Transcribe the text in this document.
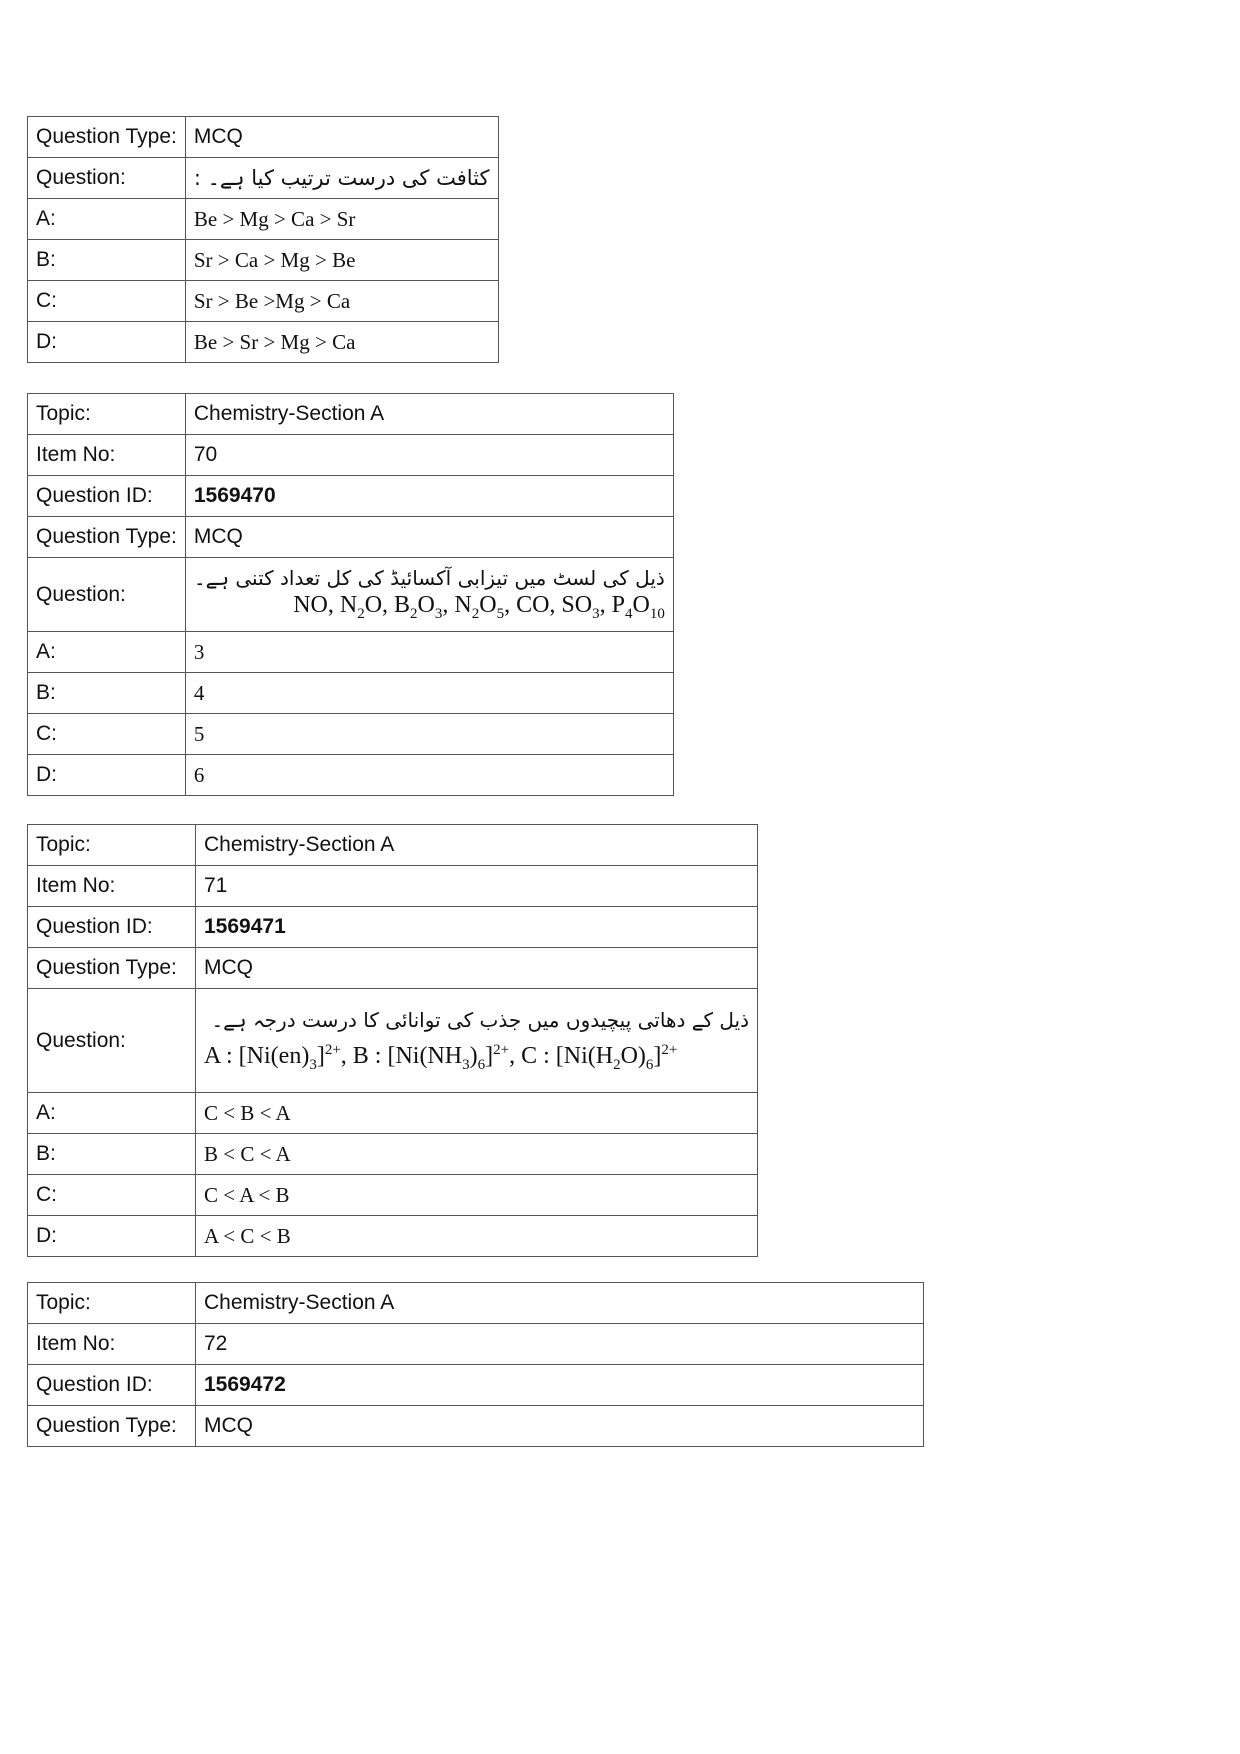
Question Type:	MCQ
Question:	کثافت کی درست ترتیب کیا ہے۔ :
A:	Be > Mg > Ca > Sr
B:	Sr > Ca > Mg > Be
C:	Sr > Be >Mg > Ca
D:	Be > Sr > Mg > Ca
Topic:	Chemistry-Section A
Item No:	70
Question ID:	1569470
Question Type:	MCQ
Question:	ذیل کی لسٹ میں تیزابی آکسائیڈ کی کل تعداد کتنی ہے۔
NO, $N_2O$, $B_2O_3$, $N_2O_5$, CO, $SO_3$, $P_4O_{10}$

A:	3
B:	4
C:	5
D:	6
Topic:	Chemistry-Section A
Item No:	71
Question ID:	1569471
Question Type:	MCQ
Question:	ذیل کے دھاتی پیچیدوں میں جذب کی توانائی کا درست درجہ ہے۔
A : $[Ni(en)_3]^{2+}$, B : $[Ni(NH_3)_6]^{2+}$, C : $[Ni(H_2O)_6]^{2+}$

A:	C < B < A
B:	B < C < A
C:	C < A < B
D:	A < C < B
Topic:	Chemistry-Section A
Item No:	72
Question ID:	1569472
Question Type:	MCQ
